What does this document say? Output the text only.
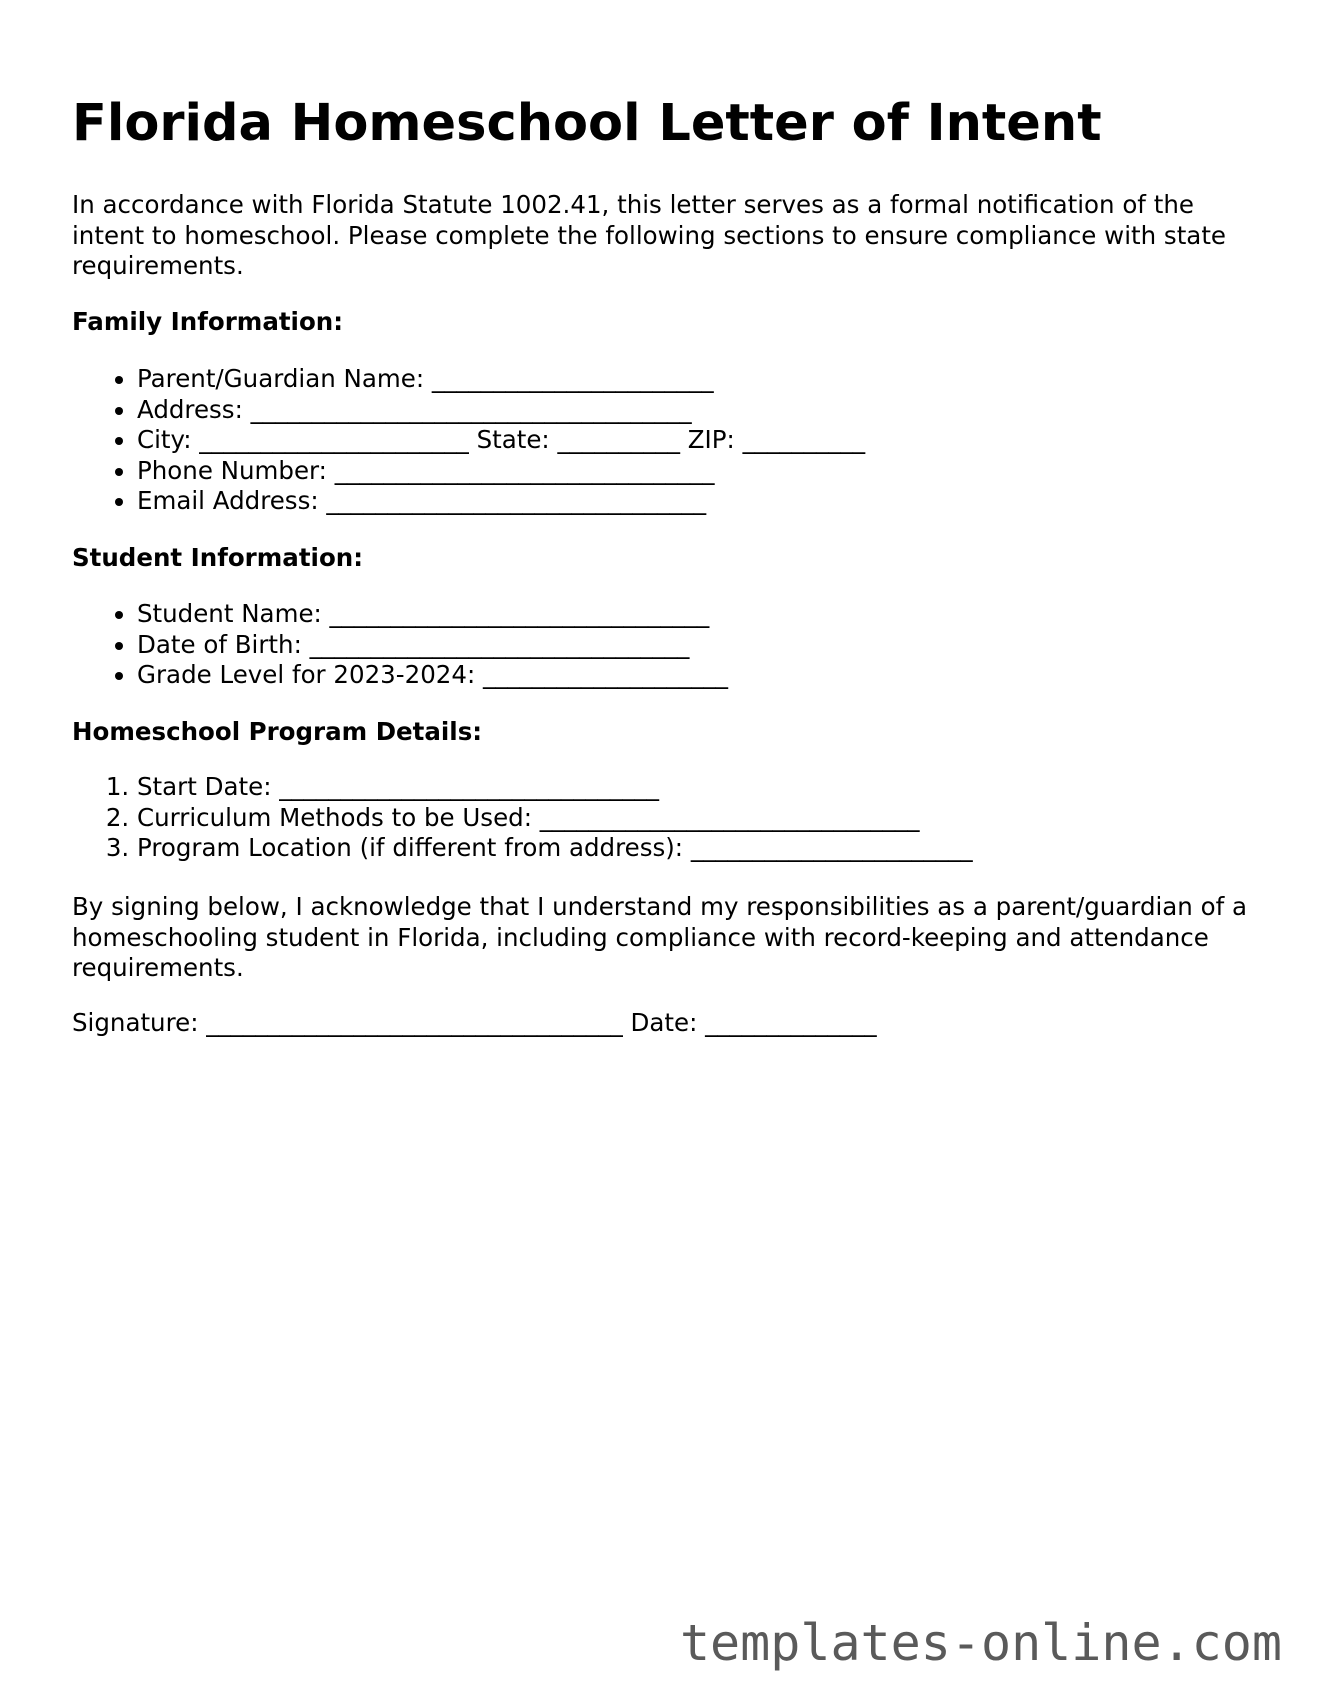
Florida Homeschool Letter of Intent

In accordance with Florida Statute 1002.41, this letter serves as a formal notification of the intent to homeschool. Please complete the following sections to ensure compliance with state requirements.

Family Information:
• Parent/Guardian Name: _______________________
• Address: ____________________________________
• City: ______________________ State: __________ ZIP: __________
• Phone Number: _______________________________
• Email Address: _______________________________
Student Information:
• Student Name: _______________________________
• Date of Birth: _______________________________
• Grade Level for 2023-2024: ____________________
Homeschool Program Details:
1. Start Date: _______________________________
2. Curriculum Methods to be Used: _______________________________
3. Program Location (if different from address): _______________________

By signing below, I acknowledge that I understand my responsibilities as a parent/guardian of a homeschooling student in Florida, including compliance with record-keeping and attendance requirements.

Signature: __________________________________ Date: ______________

templates-online.com
